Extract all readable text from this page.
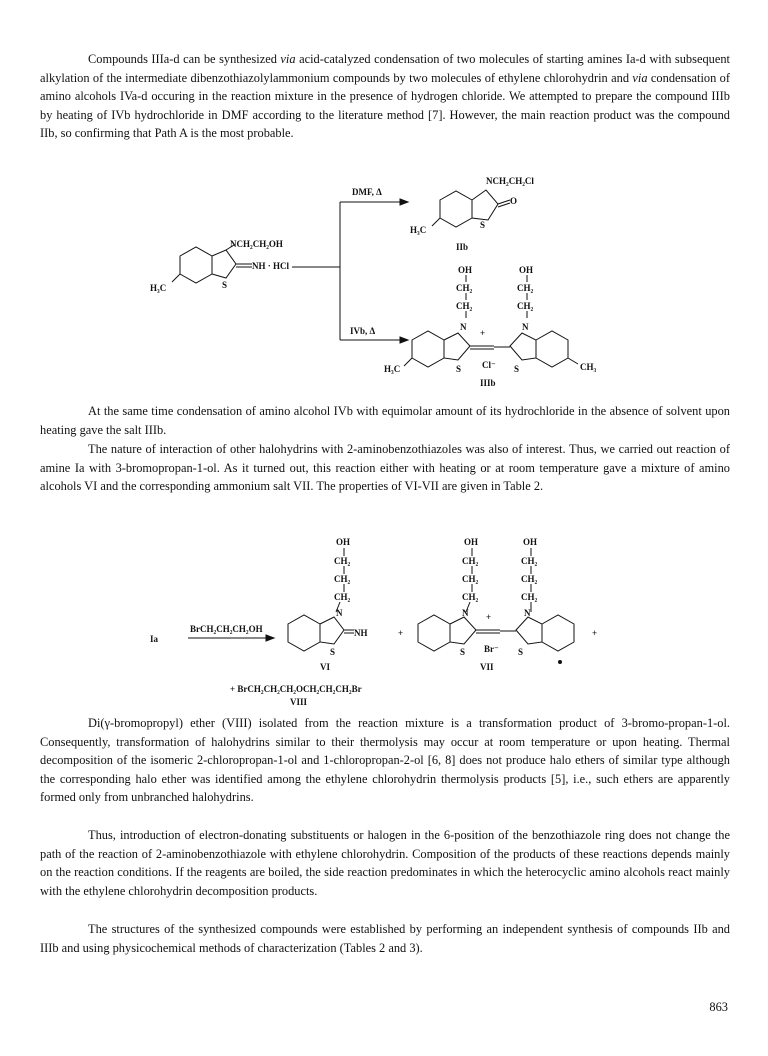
Compounds IIIa-d can be synthesized via acid-catalyzed condensation of two molecules of starting amines Ia-d with subsequent alkylation of the intermediate dibenzothiazolylammonium compounds by two molecules of ethylene chlorohydrin and via condensation of amino alcohols IVa-d occuring in the reaction mixture in the presence of hydrogen chloride. We attempted to prepare the compound IIIb by heating of IVb hydrochloride in DMF according to the literature method [7]. However, the main reaction product was the compound IIb, so confirming that Path A is the most probable.

DMF, Δ
IVb, Δ
NCH₂CH₂OH
NH · HCl
H₃C	S
NCH₂CH₂Cl
O
H₃C	S
IIb
OH	OH
CH₂
CH₂
CH₂
CH₂
N	N
+
S	S
H₃C	CH₃
Cl⁻
IIIb

At the same time condensation of amino alcohol IVb with equimolar amount of its hydrochloride in the absence of solvent upon heating gave the salt IIIb.

The nature of interaction of other halohydrins with 2-aminobenzothiazoles was also of interest. Thus, we carried out reaction of amine Ia with 3-bromopropan-1-ol. As it turned out, this reaction either with heating or at room temperature gave a mixture of amino alcohols VI and the corresponding ammonium salt VII. The properties of VI-VII are given in Table 2.

Ia
BrCH₂CH₂CH₂OH
OH
CH₂
CH₂
CH₂
N
S
NH
VI
+
OH	OH
CH₂
CH₂
CH₂
CH₂
CH₂
CH₂
N	N
+
S	S
Br⁻
VII
+
+ BrCH₂CH₂CH₂OCH₂CH₂CH₂Br
VIII

Di(γ-bromopropyl) ether (VIII) isolated from the reaction mixture is a transformation product of 3-bromo-propan-1-ol. Consequently, transformation of halohydrins similar to their thermolysis may occur at room temperature or upon heating. Thermal decomposition of the isomeric 2-chloropropan-1-ol and 1-chloropropan-2-ol [6, 8] does not produce halo ethers of similar type although the corresponding halo ether was identified among the ethylene chlorohydrin thermolysis products [5], i.e., such ethers are apparently formed only from unbranched halohydrins.

Thus, introduction of electron-donating substituents or halogen in the 6-position of the benzothiazole ring does not change the path of the reaction of 2-aminobenzothiazole with ethylene chlorohydrin. Composition of the products of these reactions depends mainly on the reaction conditions. If the reagents are boiled, the side reaction predominates in which the heterocyclic amino alcohols react mainly with the ethylene chlorohydrin decomposition products.

The structures of the synthesized compounds were established by performing an independent synthesis of compounds IIb and IIIb and using physicochemical methods of characterization (Tables 2 and 3).

863
